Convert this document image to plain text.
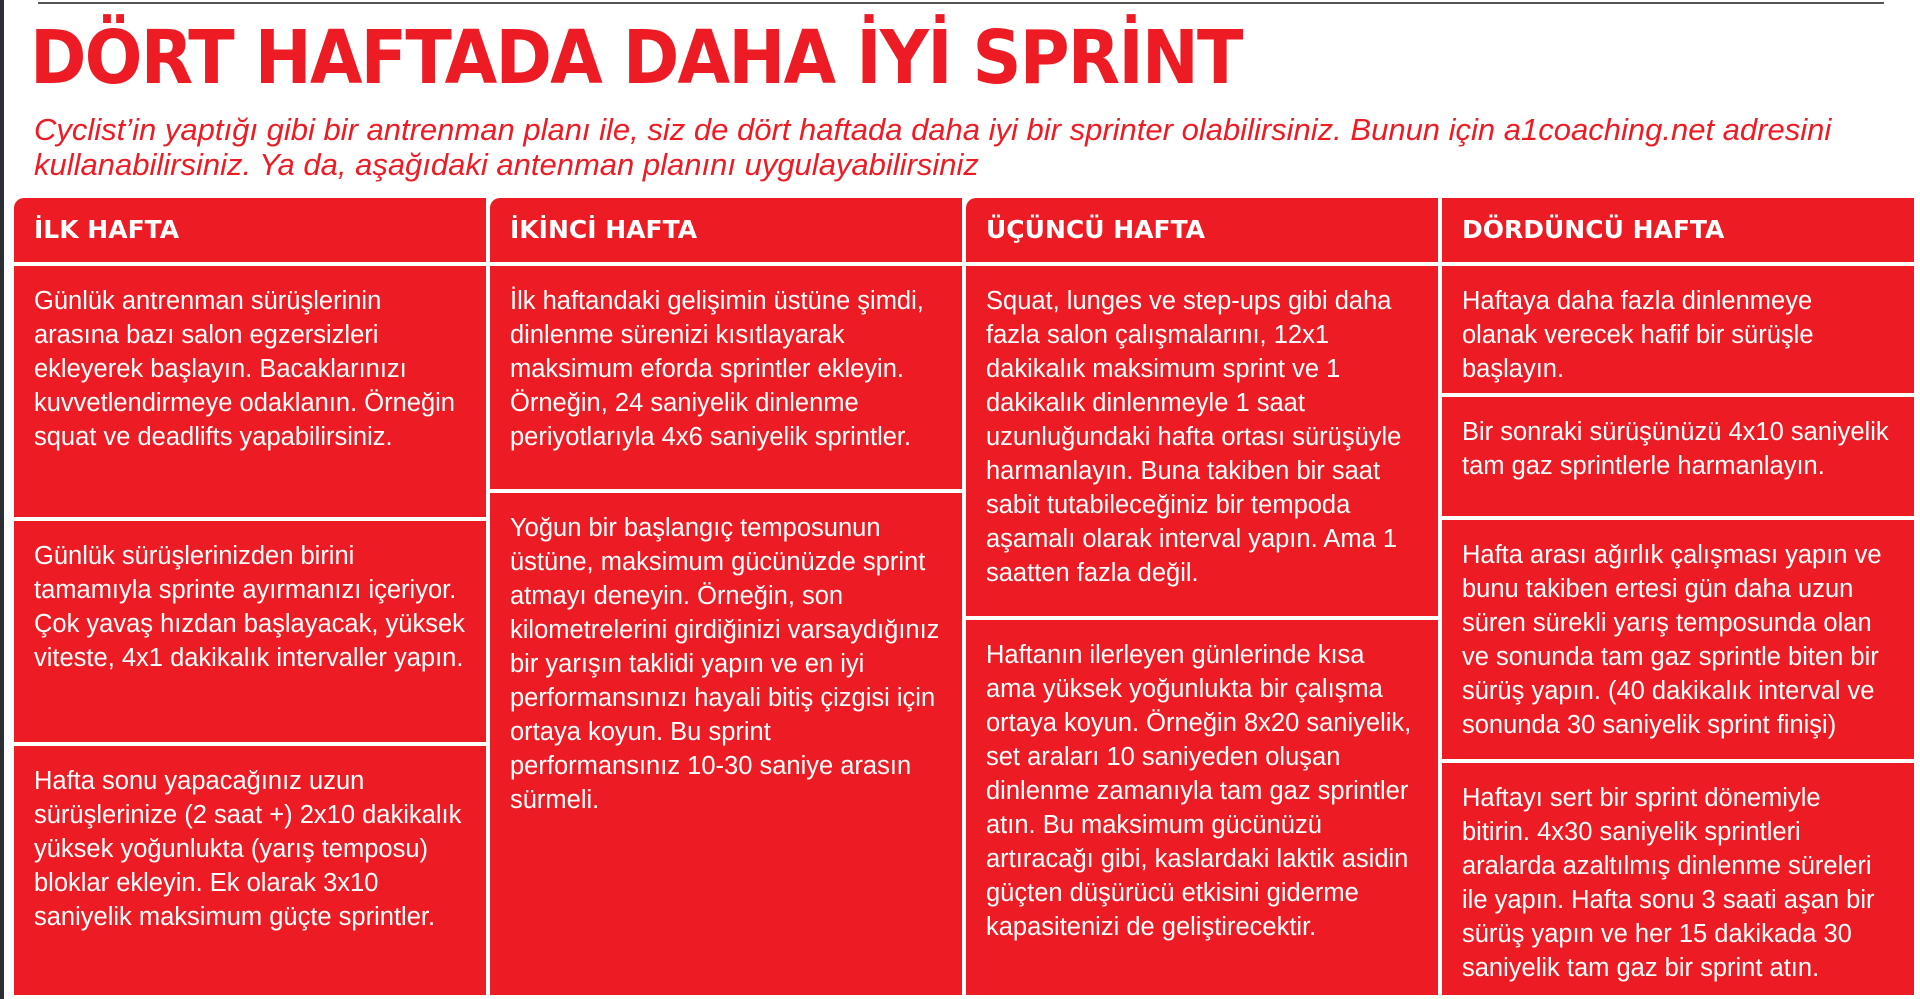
DÖRT HAFTADA DAHA İYİ SPRİNT

Cyclist’in yaptığı gibi bir antrenman planı ile, siz de dört haftada daha iyi bir sprinter olabilirsiniz. Bunun için a1coaching.net adresini kullanabilirsiniz. Ya da, aşağıdaki antenman planını uygulayabilirsiniz

İLK HAFTA
Günlük antrenman sürüşlerinin arasına bazı salon egzersizleri ekleyerek başlayın. Bacaklarınızı kuvvetlendirmeye odaklanın. Örneğin squat ve deadlifts yapabilirsiniz.
Günlük sürüşlerinizden birini tamamıyla sprinte ayırmanızı içeriyor. Çok yavaş hızdan başlayacak, yüksek viteste, 4x1 dakikalık intervaller yapın.
Hafta sonu yapacağınız uzun sürüşlerinize (2 saat +) 2x10 dakikalık yüksek yoğunlukta (yarış temposu) bloklar ekleyin. Ek olarak 3x10 saniyelik maksimum güçte sprintler.
İKİNCİ HAFTA
İlk haftandaki gelişimin üstüne şimdi, dinlenme sürenizi kısıtlayarak maksimum eforda sprintler ekleyin. Örneğin, 24 saniyelik dinlenme periyotlarıyla 4x6 saniyelik sprintler.
Yoğun bir başlangıç temposunun üstüne, maksimum gücünüzde sprint atmayı deneyin. Örneğin, son kilometrelerini girdiğinizi varsaydığınız bir yarışın taklidi yapın ve en iyi performansınızı hayali bitiş çizgisi için ortaya koyun. Bu sprint performansınız 10-30 saniye arasın sürmeli.
ÜÇÜNCÜ HAFTA
Squat, lunges ve step-ups gibi daha fazla salon çalışmalarını, 12x1 dakikalık maksimum sprint ve 1 dakikalık dinlenmeyle 1 saat uzunluğundaki hafta ortası sürüşüyle harmanlayın. Buna takiben bir saat sabit tutabileceğiniz bir tempoda aşamalı olarak interval yapın. Ama 1 saatten fazla değil.
Haftanın ilerleyen günlerinde kısa ama yüksek yoğunlukta bir çalışma ortaya koyun. Örneğin 8x20 saniyelik, set araları 10 saniyeden oluşan dinlenme zamanıyla tam gaz sprintler atın. Bu maksimum gücünüzü artıracağı gibi, kaslardaki laktik asidin güçten düşürücü etkisini giderme kapasitenizi de geliştirecektir.
DÖRDÜNCÜ HAFTA
Haftaya daha fazla dinlenmeye olanak verecek hafif bir sürüşle başlayın.
Bir sonraki sürüşünüzü 4x10 saniyelik tam gaz sprintlerle harmanlayın.
Hafta arası ağırlık çalışması yapın ve bunu takiben ertesi gün daha uzun süren sürekli yarış temposunda olan ve sonunda tam gaz sprintle biten bir sürüş yapın. (40 dakikalık interval ve sonunda 30 saniyelik sprint finişi)
Haftayı sert bir sprint dönemiyle bitirin. 4x30 saniyelik sprintleri aralarda azaltılmış dinlenme süreleri ile yapın. Hafta sonu 3 saati aşan bir sürüş yapın ve her 15 dakikada 30 saniyelik tam gaz bir sprint atın.
